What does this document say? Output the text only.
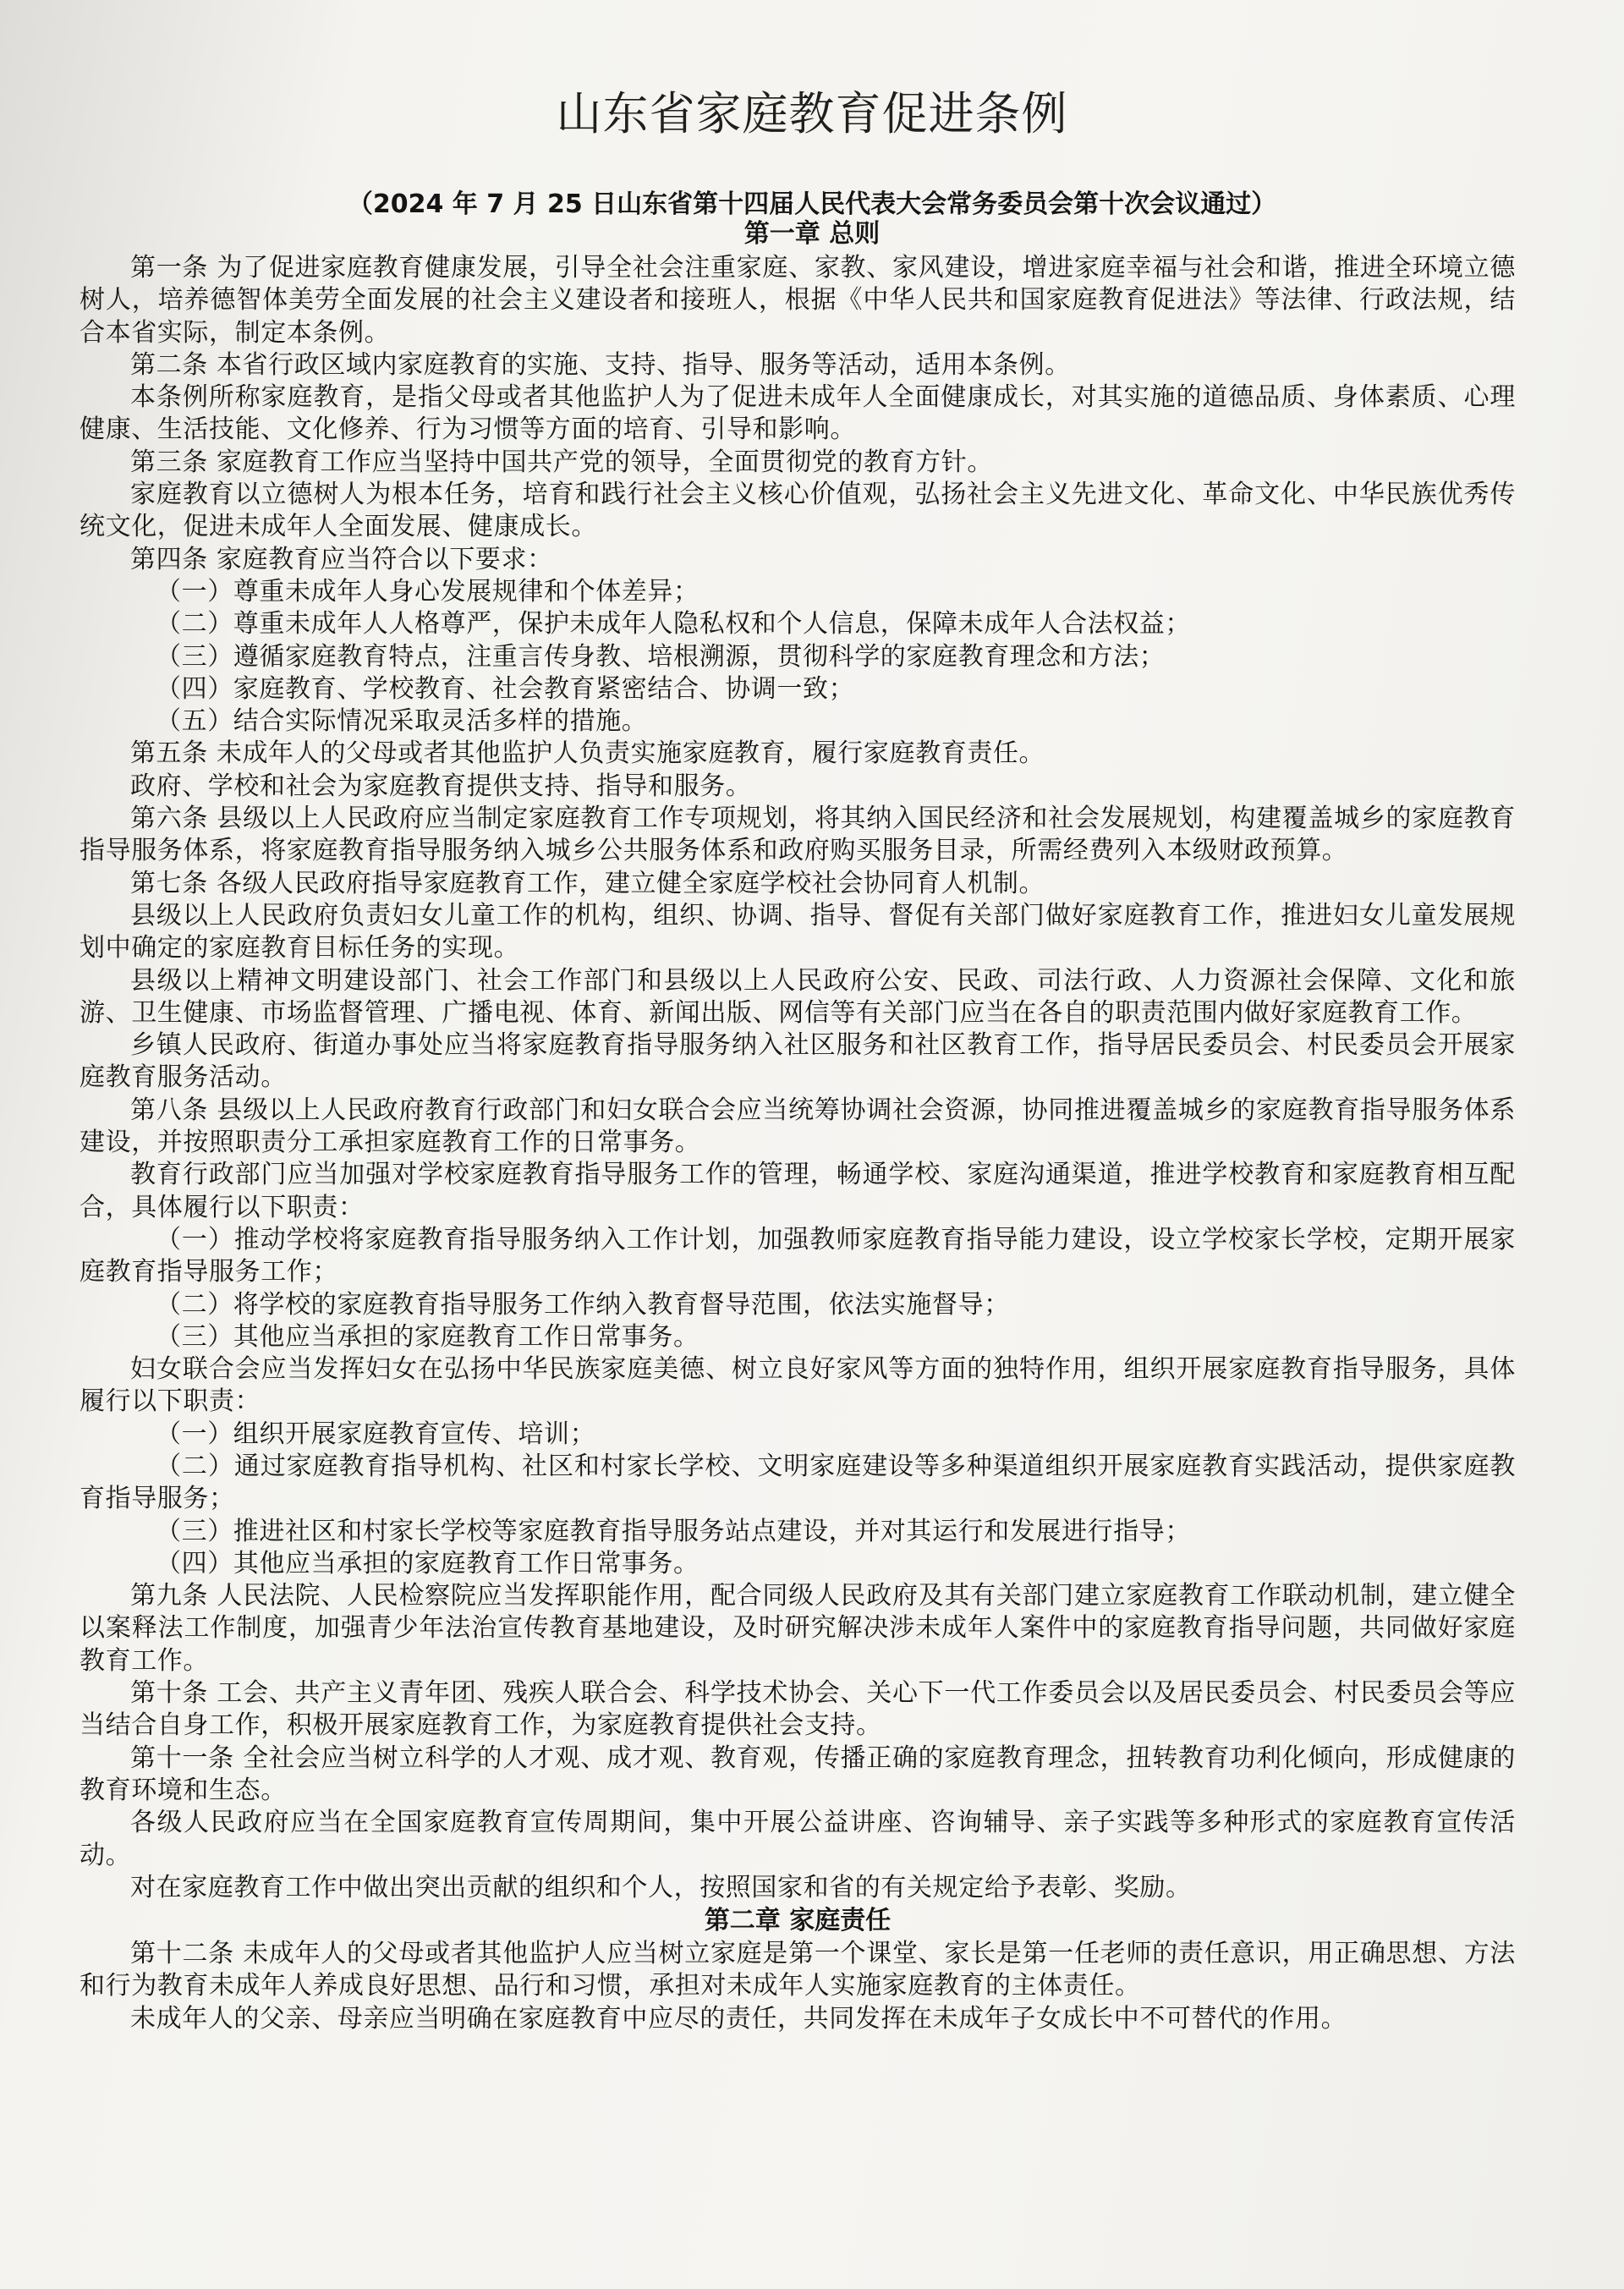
山东省家庭教育促进条例
（2024 年 7 月 25 日山东省第十四届人民代表大会常务委员会第十次会议通过）
第一章 总则

第一条 为了促进家庭教育健康发展，引导全社会注重家庭、家教、家风建设，增进家庭幸福与社会和谐，推进全环境立德树人，培养德智体美劳全面发展的社会主义建设者和接班人，根据《中华人民共和国家庭教育促进法》等法律、行政法规，结合本省实际，制定本条例。

第二条 本省行政区域内家庭教育的实施、支持、指导、服务等活动，适用本条例。

本条例所称家庭教育，是指父母或者其他监护人为了促进未成年人全面健康成长，对其实施的道德品质、身体素质、心理健康、生活技能、文化修养、行为习惯等方面的培育、引导和影响。

第三条 家庭教育工作应当坚持中国共产党的领导，全面贯彻党的教育方针。

家庭教育以立德树人为根本任务，培育和践行社会主义核心价值观，弘扬社会主义先进文化、革命文化、中华民族优秀传统文化，促进未成年人全面发展、健康成长。

第四条 家庭教育应当符合以下要求：

（一）尊重未成年人身心发展规律和个体差异；

（二）尊重未成年人人格尊严，保护未成年人隐私权和个人信息，保障未成年人合法权益；

（三）遵循家庭教育特点，注重言传身教、培根溯源，贯彻科学的家庭教育理念和方法；

（四）家庭教育、学校教育、社会教育紧密结合、协调一致；

（五）结合实际情况采取灵活多样的措施。

第五条 未成年人的父母或者其他监护人负责实施家庭教育，履行家庭教育责任。

政府、学校和社会为家庭教育提供支持、指导和服务。

第六条 县级以上人民政府应当制定家庭教育工作专项规划，将其纳入国民经济和社会发展规划，构建覆盖城乡的家庭教育指导服务体系，将家庭教育指导服务纳入城乡公共服务体系和政府购买服务目录，所需经费列入本级财政预算。

第七条 各级人民政府指导家庭教育工作，建立健全家庭学校社会协同育人机制。

县级以上人民政府负责妇女儿童工作的机构，组织、协调、指导、督促有关部门做好家庭教育工作，推进妇女儿童发展规划中确定的家庭教育目标任务的实现。

县级以上精神文明建设部门、社会工作部门和县级以上人民政府公安、民政、司法行政、人力资源社会保障、文化和旅游、卫生健康、市场监督管理、广播电视、体育、新闻出版、网信等有关部门应当在各自的职责范围内做好家庭教育工作。

乡镇人民政府、街道办事处应当将家庭教育指导服务纳入社区服务和社区教育工作，指导居民委员会、村民委员会开展家庭教育服务活动。

第八条 县级以上人民政府教育行政部门和妇女联合会应当统筹协调社会资源，协同推进覆盖城乡的家庭教育指导服务体系建设，并按照职责分工承担家庭教育工作的日常事务。

教育行政部门应当加强对学校家庭教育指导服务工作的管理，畅通学校、家庭沟通渠道，推进学校教育和家庭教育相互配合，具体履行以下职责：

（一）推动学校将家庭教育指导服务纳入工作计划，加强教师家庭教育指导能力建设，设立学校家长学校，定期开展家庭教育指导服务工作；

（二）将学校的家庭教育指导服务工作纳入教育督导范围，依法实施督导；

（三）其他应当承担的家庭教育工作日常事务。

妇女联合会应当发挥妇女在弘扬中华民族家庭美德、树立良好家风等方面的独特作用，组织开展家庭教育指导服务，具体履行以下职责：

（一）组织开展家庭教育宣传、培训；

（二）通过家庭教育指导机构、社区和村家长学校、文明家庭建设等多种渠道组织开展家庭教育实践活动，提供家庭教育指导服务；

（三）推进社区和村家长学校等家庭教育指导服务站点建设，并对其运行和发展进行指导；

（四）其他应当承担的家庭教育工作日常事务。

第九条 人民法院、人民检察院应当发挥职能作用，配合同级人民政府及其有关部门建立家庭教育工作联动机制，建立健全以案释法工作制度，加强青少年法治宣传教育基地建设，及时研究解决涉未成年人案件中的家庭教育指导问题，共同做好家庭教育工作。

第十条 工会、共产主义青年团、残疾人联合会、科学技术协会、关心下一代工作委员会以及居民委员会、村民委员会等应当结合自身工作，积极开展家庭教育工作，为家庭教育提供社会支持。

第十一条 全社会应当树立科学的人才观、成才观、教育观，传播正确的家庭教育理念，扭转教育功利化倾向，形成健康的教育环境和生态。

各级人民政府应当在全国家庭教育宣传周期间，集中开展公益讲座、咨询辅导、亲子实践等多种形式的家庭教育宣传活动。

对在家庭教育工作中做出突出贡献的组织和个人，按照国家和省的有关规定给予表彰、奖励。

第二章 家庭责任

第十二条 未成年人的父母或者其他监护人应当树立家庭是第一个课堂、家长是第一任老师的责任意识，用正确思想、方法和行为教育未成年人养成良好思想、品行和习惯，承担对未成年人实施家庭教育的主体责任。

未成年人的父亲、母亲应当明确在家庭教育中应尽的责任，共同发挥在未成年子女成长中不可替代的作用。
